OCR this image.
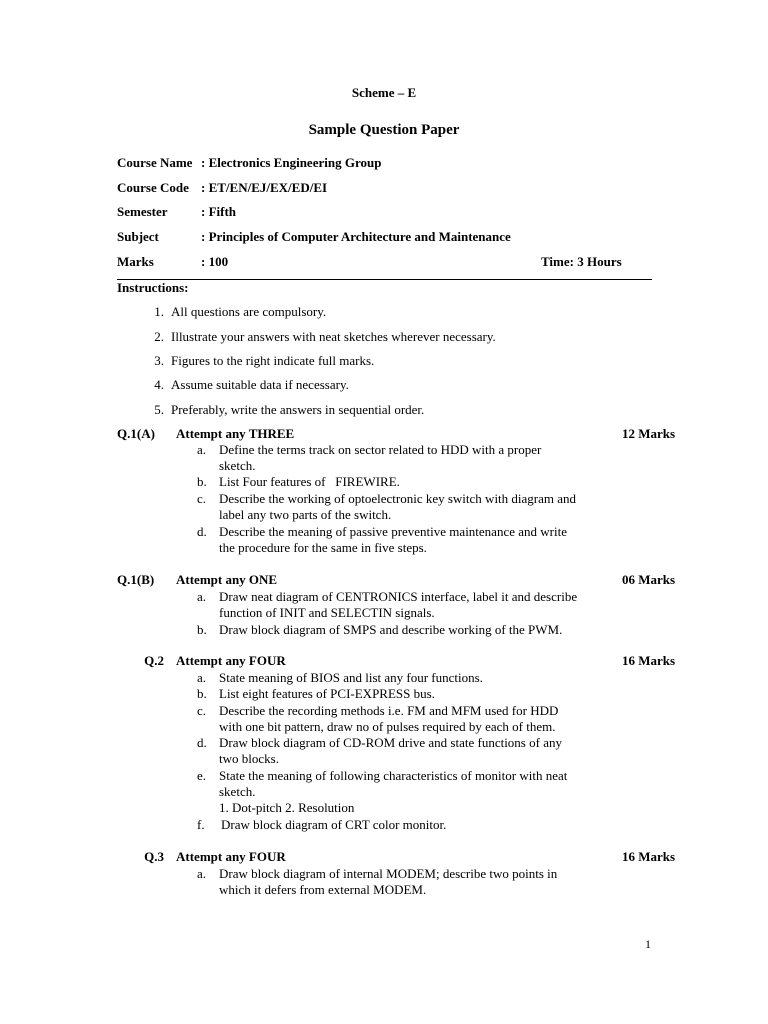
Scheme – E
Sample Question Paper
Course Name : Electronics Engineering Group
Course Code : ET/EN/EJ/EX/ED/EI
Semester	: Fifth
Subject	: Principles of Computer Architecture and Maintenance
Marks	: 100	Time: 3 Hours
Instructions:
1. All questions are compulsory.
2. Illustrate your answers with neat sketches wherever necessary.
3. Figures to the right indicate full marks.
4. Assume suitable data if necessary.
5. Preferably, write the answers in sequential order.
Q.1(A) Attempt any THREE	12 Marks
a. Define the terms track on sector related to HDD with a proper
sketch.
b. List Four features of   FIREWIRE.
c. Describe the working of optoelectronic key switch with diagram and
label any two parts of the switch.
d. Describe the meaning of passive preventive maintenance and write
the procedure for the same in five steps.
Q.1(B) Attempt any ONE	06 Marks
a. Draw neat diagram of CENTRONICS interface, label it and describe
function of INIT and SELECTIN signals.
b. Draw block diagram of SMPS and describe working of the PWM.
Q.2 Attempt any FOUR	16 Marks
a. State meaning of BIOS and list any four functions.
b. List eight features of PCI-EXPRESS bus.
c. Describe the recording methods i.e. FM and MFM used for HDD
with one bit pattern, draw no of pulses required by each of them.
d. Draw block diagram of CD-ROM drive and state functions of any
two blocks.
e. State the meaning of following characteristics of monitor with neat
sketch.
1. Dot-pitch 2. Resolution
f. Draw block diagram of CRT color monitor.
Q.3 Attempt any FOUR	16 Marks
a. Draw block diagram of internal MODEM; describe two points in
which it defers from external MODEM.
1
